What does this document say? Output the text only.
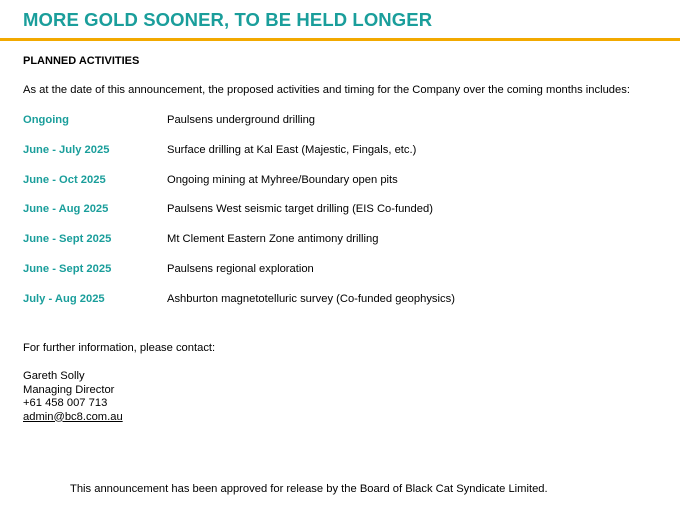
MORE GOLD SOONER, TO BE HELD LONGER
PLANNED ACTIVITIES
As at the date of this announcement, the proposed activities and timing for the Company over the coming months includes:
Ongoing	Paulsens underground drilling
June - July 2025	Surface drilling at Kal East (Majestic, Fingals, etc.)
June - Oct 2025	Ongoing mining at Myhree/Boundary open pits
June - Aug 2025	Paulsens West seismic target drilling (EIS Co-funded)
June - Sept 2025	Mt Clement Eastern Zone antimony drilling
June - Sept 2025	Paulsens regional exploration
July - Aug 2025	Ashburton magnetotelluric survey (Co-funded geophysics)
For further information, please contact:
Gareth Solly
Managing Director
+61 458 007 713
admin@bc8.com.au
This announcement has been approved for release by the Board of Black Cat Syndicate Limited.
